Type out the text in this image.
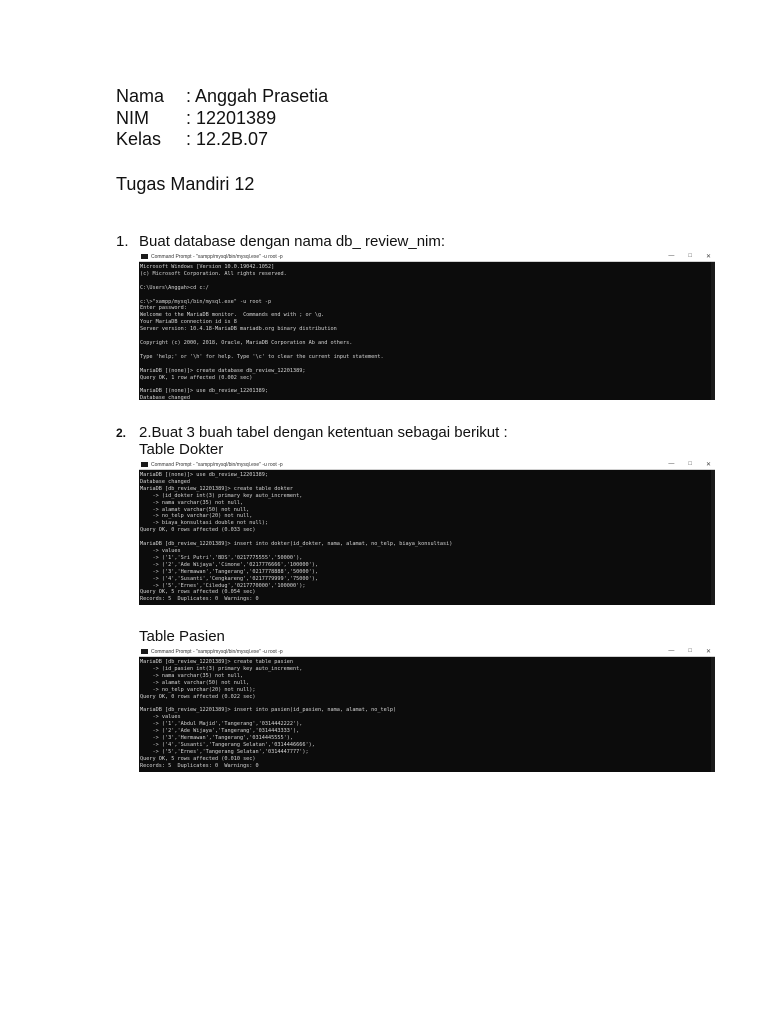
Nama	: Anggah Prasetia
NIM	: 12201389
Kelas	: 12.2B.07
Tugas Mandiri 12
1. Buat database dengan nama db_ review_nim:
Command Prompt - "xampp/mysql/bin/mysql.exe" -u root -p	— □ ✕
Microsoft Windows [Version 10.0.19042.1052]
(c) Microsoft Corporation. All rights reserved.

C:\Users\Anggah>cd c:/

c:\>"xampp/mysql/bin/mysql.exe" -u root -p
Enter password:
Welcome to the MariaDB monitor.  Commands end with ; or \g.
Your MariaDB connection id is 8
Server version: 10.4.18-MariaDB mariadb.org binary distribution

Copyright (c) 2000, 2018, Oracle, MariaDB Corporation Ab and others.

Type 'help;' or '\h' for help. Type '\c' to clear the current input statement.

MariaDB [(none)]> create database db_review_12201389;
Query OK, 1 row affected (0.002 sec)

MariaDB [(none)]> use db_review_12201389;
Database changed
2. 2.Buat 3 buah tabel dengan ketentuan sebagai berikut :
Table Dokter
Command Prompt - "xampp/mysql/bin/mysql.exe" -u root -p	— □ ✕
MariaDB [(none)]> use db_review_12201389;
Database changed
MariaDB [db_review_12201389]> create table dokter
-> (id_dokter int(3) primary key auto_increment,
-> nama varchar(35) not null,
-> alamat varchar(50) not null,
-> no_telp varchar(20) not null,
-> biaya_konsultasi double not null);
Query OK, 0 rows affected (0.033 sec)

MariaDB [db_review_12201389]> insert into dokter(id_dokter, nama, alamat, no_telp, biaya_konsultasi)
-> values
-> ('1','Sri Putri','BDS','0217775555','50000'),
-> ('2','Ade Wijaya','Cimone','0217776666','100000'),
-> ('3','Hermawan','Tangerang','0217778888','50000'),
-> ('4','Susanti','Cengkareng','0217779999','75000'),
-> ('5','Ernes','Ciledug','0217770000','100000');
Query OK, 5 rows affected (0.054 sec)
Records: 5  Duplicates: 0  Warnings: 0
Table Pasien
Command Prompt - "xampp/mysql/bin/mysql.exe" -u root -p	— □ ✕
MariaDB [db_review_12201389]> create table pasien
-> (id_pasien int(3) primary key auto_increment,
-> nama varchar(35) not null,
-> alamat varchar(50) not null,
-> no_telp varchar(20) not null);
Query OK, 0 rows affected (0.022 sec)

MariaDB [db_review_12201389]> insert into pasien(id_pasien, nama, alamat, no_telp)
-> values
-> ('1','Abdul Majid','Tangerang','0314442222'),
-> ('2','Ade Wijaya','Tangerang','0314443333'),
-> ('3','Hermawan','Tangerang','0314445555'),
-> ('4','Susanti','Tangerang Selatan','0314446666'),
-> ('5','Ernes','Tangerang Selatan','0314447777');
Query OK, 5 rows affected (0.010 sec)
Records: 5  Duplicates: 0  Warnings: 0
